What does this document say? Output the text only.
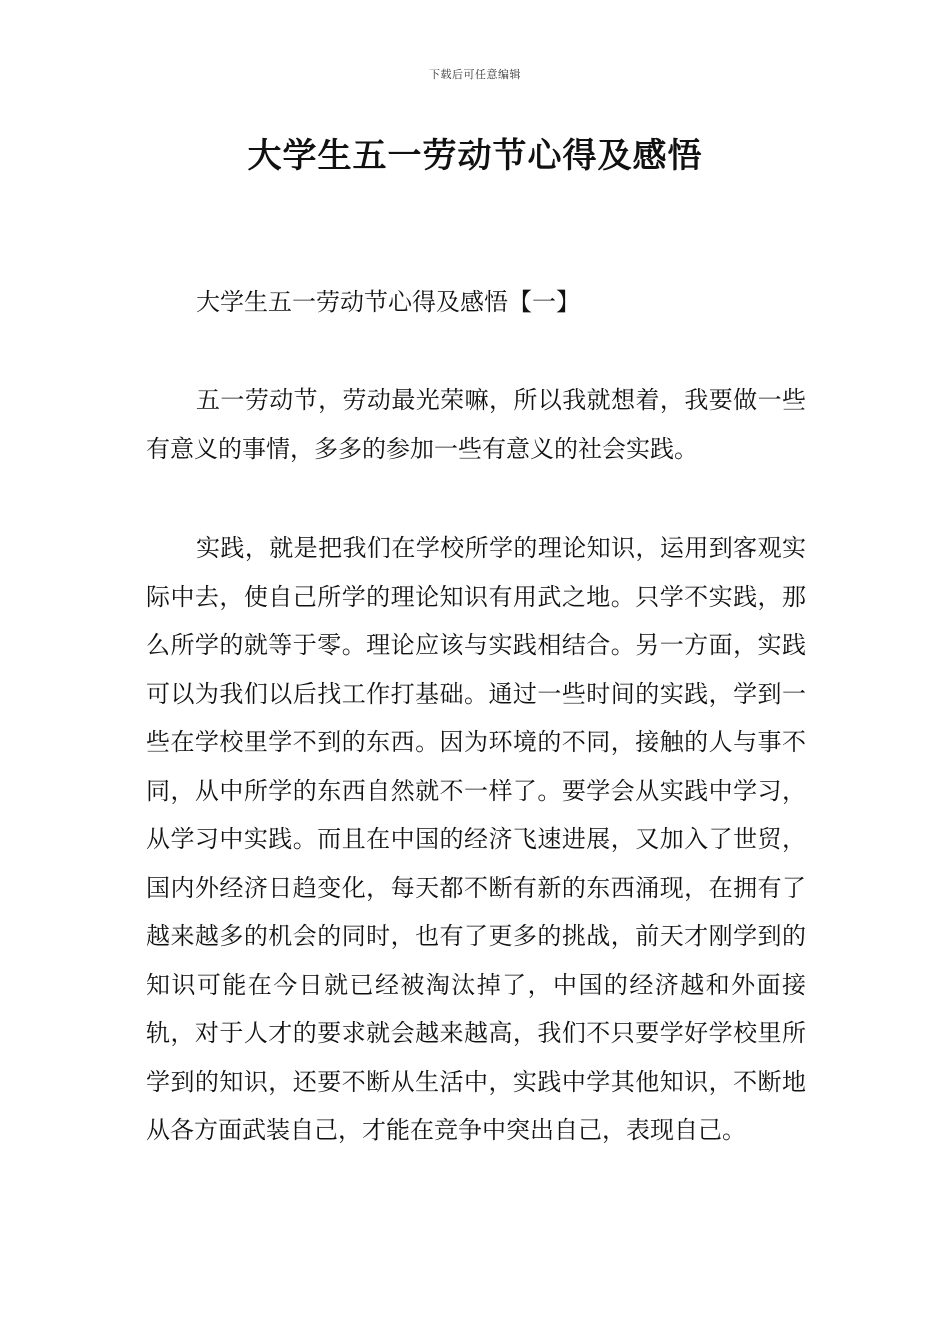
下载后可任意编辑
大学生五一劳动节心得及感悟
大学生五一劳动节心得及感悟【一】

五一劳动节，劳动最光荣嘛，所以我就想着，我要做一些有意义的事情，多多的参加一些有意义的社会实践。

实践，就是把我们在学校所学的理论知识，运用到客观实际中去，使自己所学的理论知识有用武之地。只学不实践，那么所学的就等于零。理论应该与实践相结合。另一方面，实践可以为我们以后找工作打基础。通过一些时间的实践，学到一些在学校里学不到的东西。因为环境的不同，接触的人与事不同，从中所学的东西自然就不一样了。要学会从实践中学习，从学习中实践。而且在中国的经济飞速进展，又加入了世贸，国内外经济日趋变化，每天都不断有新的东西涌现，在拥有了越来越多的机会的同时，也有了更多的挑战，前天才刚学到的知识可能在今日就已经被淘汰掉了，中国的经济越和外面接轨，对于人才的要求就会越来越高，我们不只要学好学校里所学到的知识，还要不断从生活中，实践中学其他知识，不断地从各方面武装自己，才能在竞争中突出自己，表现自己。
